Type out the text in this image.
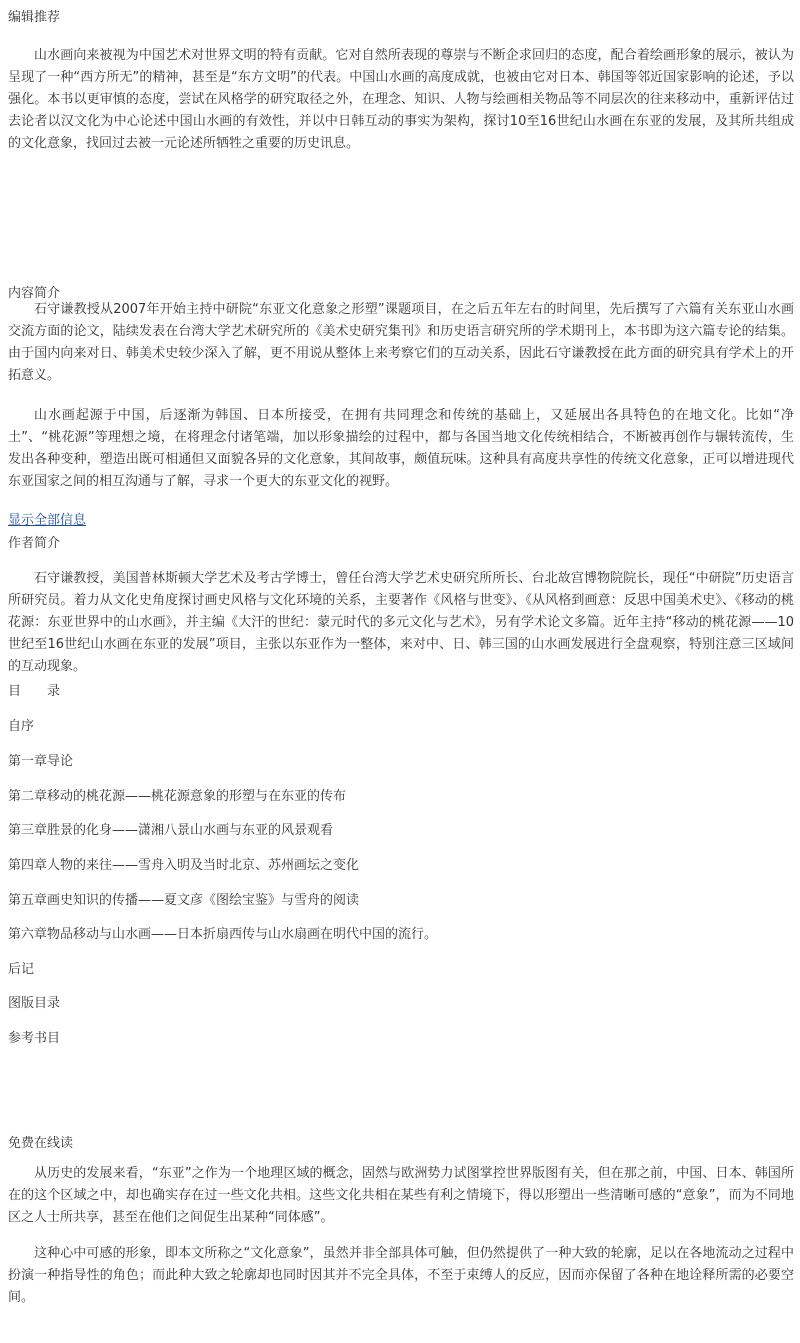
编辑推荐

山水画向来被视为中国艺术对世界文明的特有贡献。它对自然所表现的尊崇与不断企求回归的态度，配合着绘画形象的展示，被认为呈现了一种“西方所无”的精神，甚至是“东方文明”的代表。中国山水画的高度成就，也被由它对日本、韩国等邻近国家影响的论述，予以强化。本书以更审慎的态度，尝试在风格学的研究取径之外，在理念、知识、人物与绘画相关物品等不同层次的往来移动中，重新评估过去论者以汉文化为中心论述中国山水画的有效性，并以中日韩互动的事实为架构，探讨10至16世纪山水画在东亚的发展，及其所共组成的文化意象，找回过去被一元论述所牺牲之重要的历史讯息。

内容简介

石守谦教授从2007年开始主持中研院“东亚文化意象之形塑”课题项目，在之后五年左右的时间里，先后撰写了六篇有关东亚山水画交流方面的论文，陆续发表在台湾大学艺术研究所的《美术史研究集刊》和历史语言研究所的学术期刊上，本书即为这六篇专论的结集。由于国内向来对日、韩美术史较少深入了解，更不用说从整体上来考察它们的互动关系，因此石守谦教授在此方面的研究具有学术上的开拓意义。

山水画起源于中国，后逐渐为韩国、日本所接受，在拥有共同理念和传统的基础上，又延展出各具特色的在地文化。比如“净土”、“桃花源”等理想之境，在将理念付诸笔端，加以形象描绘的过程中，都与各国当地文化传统相结合，不断被再创作与辗转流传，生发出各种变种，塑造出既可相通但又面貌各异的文化意象，其间故事，颇值玩味。这种具有高度共享性的传统文化意象，正可以增进现代东亚国家之间的相互沟通与了解，寻求一个更大的东亚文化的视野。

显示全部信息
作者简介

石守谦教授，美国普林斯顿大学艺术及考古学博士，曾任台湾大学艺术史研究所所长、台北故宫博物院院长，现任“中研院”历史语言所研究员。着力从文化史角度探讨画史风格与文化环境的关系，主要著作《风格与世变》、《从风格到画意：反思中国美术史》、《移动的桃花源：东亚世界中的山水画》，并主编《大汗的世纪：蒙元时代的多元文化与艺术》，另有学术论文多篇。近年主持“移动的桃花源——10世纪至16世纪山水画在东亚的发展”项目，主张以东亚作为一整体，来对中、日、韩三国的山水画发展进行全盘观察，特别注意三区域间的互动现象。

目　　录
自序
第一章导论
第二章移动的桃花源——桃花源意象的形塑与在东亚的传布
第三章胜景的化身——潇湘八景山水画与东亚的风景观看
第四章人物的来往——雪舟入明及当时北京、苏州画坛之变化
第五章画史知识的传播——夏文彦《图绘宝鉴》与雪舟的阅读
第六章物品移动与山水画——日本折扇西传与山水扇画在明代中国的流行。
后记
图版目录
参考书目
免费在线读

从历史的发展来看，“东亚”之作为一个地理区域的概念，固然与欧洲势力试图掌控世界版图有关，但在那之前，中国、日本、韩国所在的这个区域之中，却也确实存在过一些文化共相。这些文化共相在某些有利之情境下，得以形塑出一些清晰可感的“意象”，而为不同地区之人士所共享，甚至在他们之间促生出某种“同体感”。

这种心中可感的形象，即本文所称之“文化意象”，虽然并非全部具体可触，但仍然提供了一种大致的轮廓，足以在各地流动之过程中扮演一种指导性的角色；而此种大致之轮廓却也同时因其并不完全具体，不至于束缚人的反应，因而亦保留了各种在地诠释所需的必要空间。
